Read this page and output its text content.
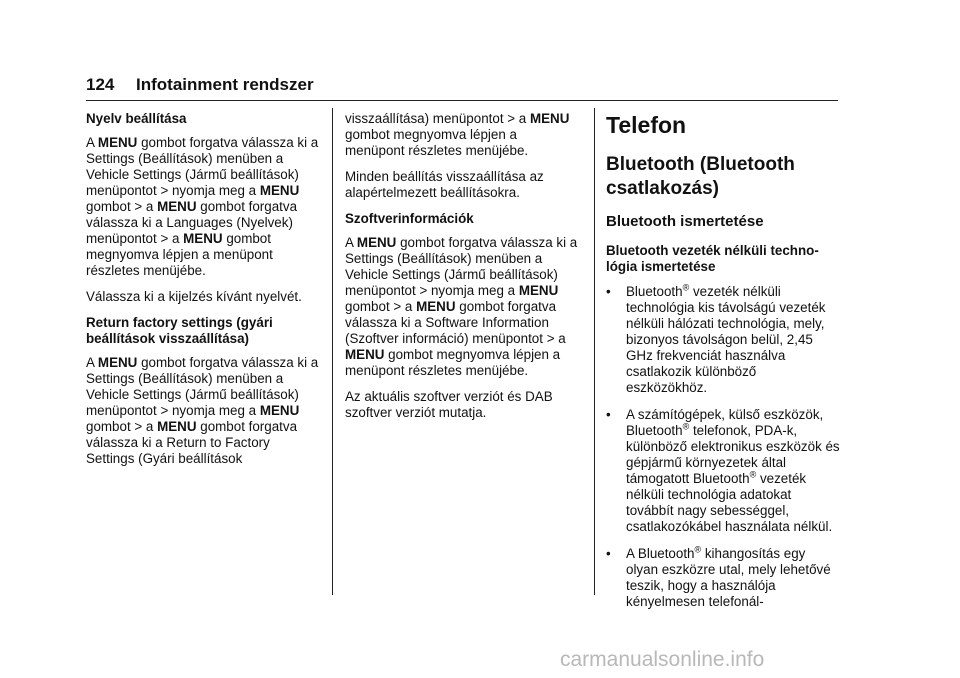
124 Infotainment rendszer

Nyelv beállítása

A MENU gombot forgatva válassza ki a Settings (Beállítások) menüben a Vehicle Settings (Jármű beállítások) menüpontot > nyomja meg a MENU gombot > a MENU gombot forgatva válassza ki a Languages (Nyelvek) menüpontot > a MENU gombot megnyomva lépjen a menüpont részletes menüjébe.

Válassza ki a kijelzés kívánt nyelvét.

Return factory settings (gyári beállítások visszaállítása)

A MENU gombot forgatva válassza ki a Settings (Beállítások) menüben a Vehicle Settings (Jármű beállítások) menüpontot > nyomja meg a MENU gombot > a MENU gombot forgatva válassza ki a Return to Factory Settings (Gyári beállítások

visszaállítása) menüpontot > a MENU gombot megnyomva lépjen a menüpont részletes menüjébe.

Minden beállítás visszaállítása az alapértelmezett beállításokra.

Szoftverinformációk

A MENU gombot forgatva válassza ki a Settings (Beállítások) menüben a Vehicle Settings (Jármű beállítások) menüpontot > nyomja meg a MENU gombot > a MENU gombot forgatva válassza ki a Software Information (Szoftver információ) menüpontot > a MENU gombot megnyomva lépjen a menüpont részletes menüjébe.

Az aktuális szoftver verziót és DAB szoftver verziót mutatja.

Telefon
Bluetooth (Bluetooth csatlakozás)
Bluetooth ismertetése
Bluetooth vezeték nélküli technológia ismertetése
• Bluetooth® vezeték nélküli technológia kis távolságú vezeték nélküli hálózati technológia, mely, bizonyos távolságon belül, 2,45 GHz frekvenciát használva csatlakozik különböző eszközökhöz.
• A számítógépek, külső eszközök, Bluetooth® telefonok, PDA-k, különböző elektronikus eszközök és gépjármű környezetek által támogatott Bluetooth® vezeték nélküli technológia adatokat továbbít nagy sebességgel, csatlakozókábel használata nélkül.
• A Bluetooth® kihangosítás egy olyan eszközre utal, mely lehetővé teszik, hogy a használója kényelmesen telefonál-
carmanualsonline.info
